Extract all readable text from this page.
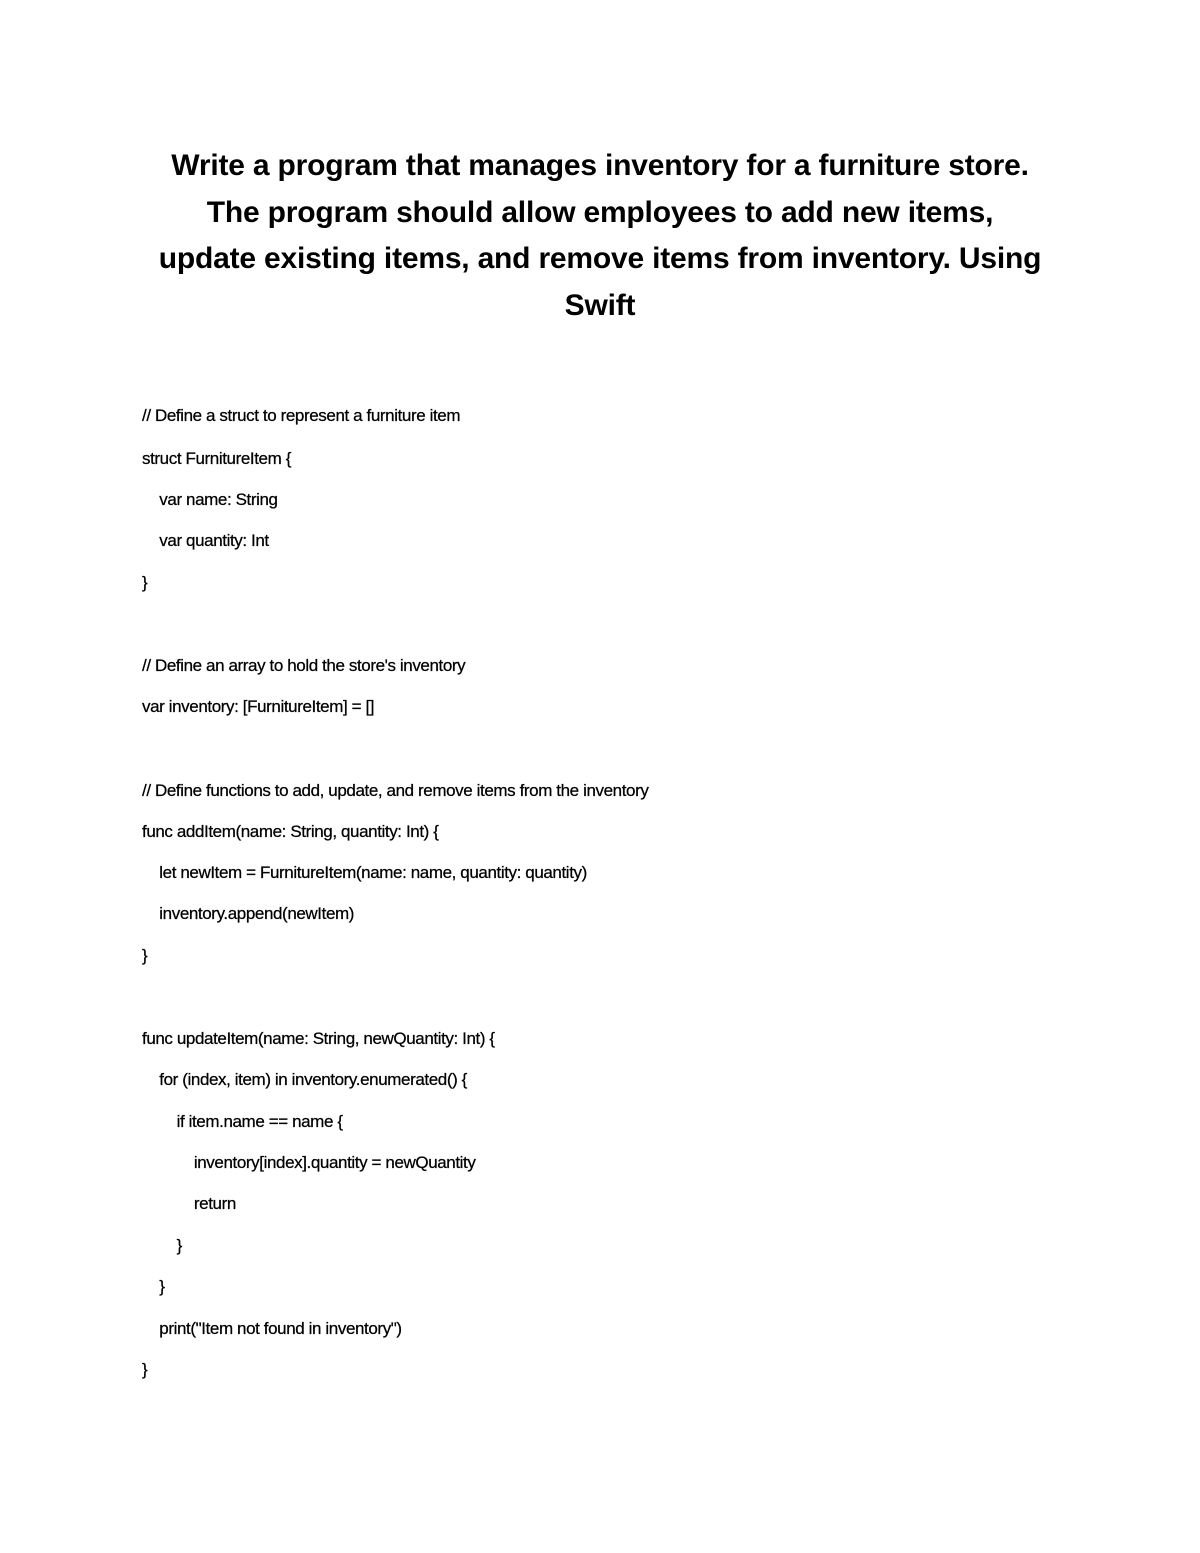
Write a program that manages inventory for a furniture store.
The program should allow employees to add new items,
update existing items, and remove items from inventory. Using
Swift
// Define a struct to represent a furniture item
struct FurnitureItem {
var name: String
var quantity: Int
}
// Define an array to hold the store's inventory
var inventory: [FurnitureItem] = []
// Define functions to add, update, and remove items from the inventory
func addItem(name: String, quantity: Int) {
let newItem = FurnitureItem(name: name, quantity: quantity)
inventory.append(newItem)
}
func updateItem(name: String, newQuantity: Int) {
for (index, item) in inventory.enumerated() {
if item.name == name {
inventory[index].quantity = newQuantity
return
}
}
print("Item not found in inventory")
}
